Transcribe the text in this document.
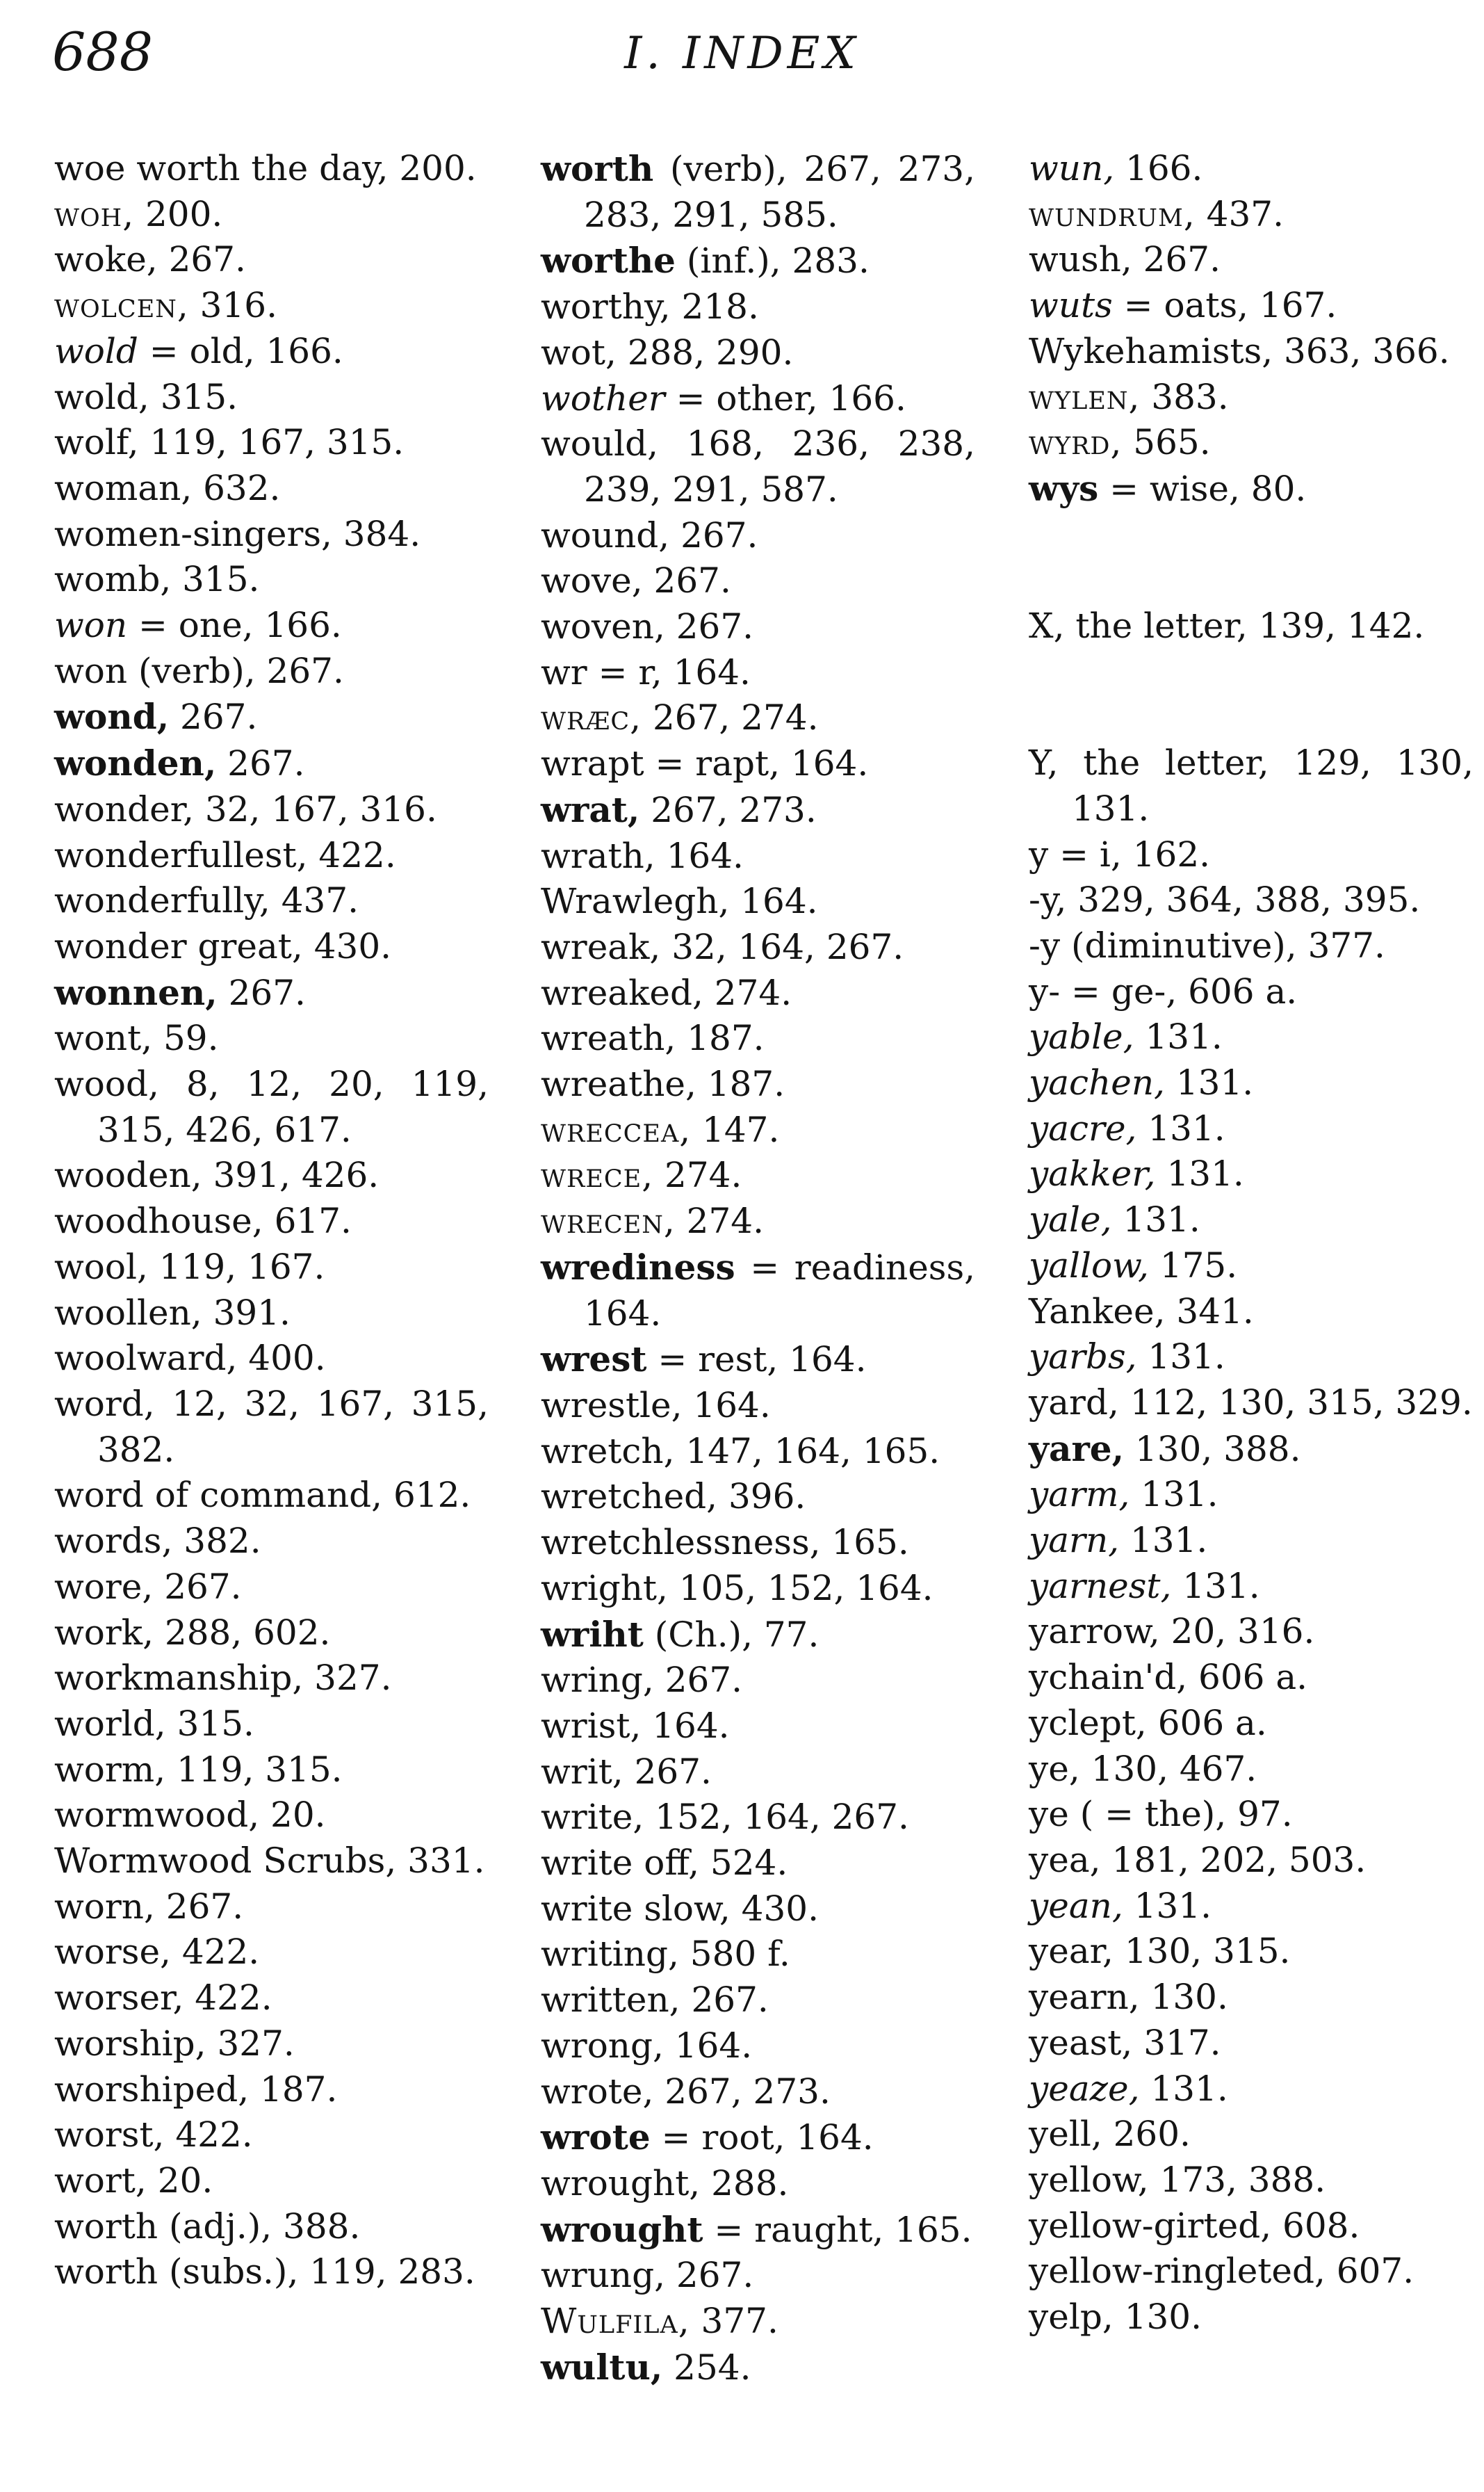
688	I. INDEX
woe worth the day, 200.
woh, 200.
woke, 267.
wolcen, 316.
wold = old, 166.
wold, 315.
wolf, 119, 167, 315.
woman, 632.
women-singers, 384.
womb, 315.
won = one, 166.
won (verb), 267.
wond, 267.
wonden, 267.
wonder, 32, 167, 316.
wonderfullest, 422.
wonderfully, 437.
wonder great, 430.
wonnen, 267.
wont, 59.
wood, 8, 12, 20, 119, 315, 426, 617.
wooden, 391, 426.
woodhouse, 617.
wool, 119, 167.
woollen, 391.
woolward, 400.
word, 12, 32, 167, 315, 382.
word of command, 612.
words, 382.
wore, 267.
work, 288, 602.
workmanship, 327.
world, 315.
worm, 119, 315.
wormwood, 20.
Wormwood Scrubs, 331.
worn, 267.
worse, 422.
worser, 422.
worship, 327.
worshiped, 187.
worst, 422.
wort, 20.
worth (adj.), 388.
worth (subs.), 119, 283.
worth (verb), 267, 273, 283, 291, 585.
worthe (inf.), 283.
worthy, 218.
wot, 288, 290.
wother = other, 166.
would, 168, 236, 238, 239, 291, 587.
wound, 267.
wove, 267.
woven, 267.
wr = r, 164.
wræc, 267, 274.
wrapt = rapt, 164.
wrat, 267, 273.
wrath, 164.
Wrawlegh, 164.
wreak, 32, 164, 267.
wreaked, 274.
wreath, 187.
wreathe, 187.
wreccea, 147.
wrece, 274.
wrecen, 274.
wrediness = readiness, 164.
wrest = rest, 164.
wrestle, 164.
wretch, 147, 164, 165.
wretched, 396.
wretchlessness, 165.
wright, 105, 152, 164.
wriht (Ch.), 77.
wring, 267.
wrist, 164.
writ, 267.
write, 152, 164, 267.
write off, 524.
write slow, 430.
writing, 580 f.
written, 267.
wrong, 164.
wrote, 267, 273.
wrote = root, 164.
wrought, 288.
wrought = raught, 165.
wrung, 267.
Wulfila, 377.
wultu, 254.
wun, 166.
wundrum, 437.
wush, 267.
wuts = oats, 167.
Wykehamists, 363, 366.
wylen, 383.
wyrd, 565.
wys = wise, 80.
X, the letter, 139, 142.
Y, the letter, 129, 130, 131.
y = i, 162.
-y, 329, 364, 388, 395.
-y (diminutive), 377.
y- = ge-, 606 a.
yable, 131.
yachen, 131.
yacre, 131.
yakker, 131.
yale, 131.
yallow, 175.
Yankee, 341.
yarbs, 131.
yard, 112, 130, 315, 329.
yare, 130, 388.
yarm, 131.
yarn, 131.
yarnest, 131.
yarrow, 20, 316.
ychain'd, 606 a.
yclept, 606 a.
ye, 130, 467.
ye ( = the), 97.
yea, 181, 202, 503.
yean, 131.
year, 130, 315.
yearn, 130.
yeast, 317.
yeaze, 131.
yell, 260.
yellow, 173, 388.
yellow-girted, 608.
yellow-ringleted, 607.
yelp, 130.
